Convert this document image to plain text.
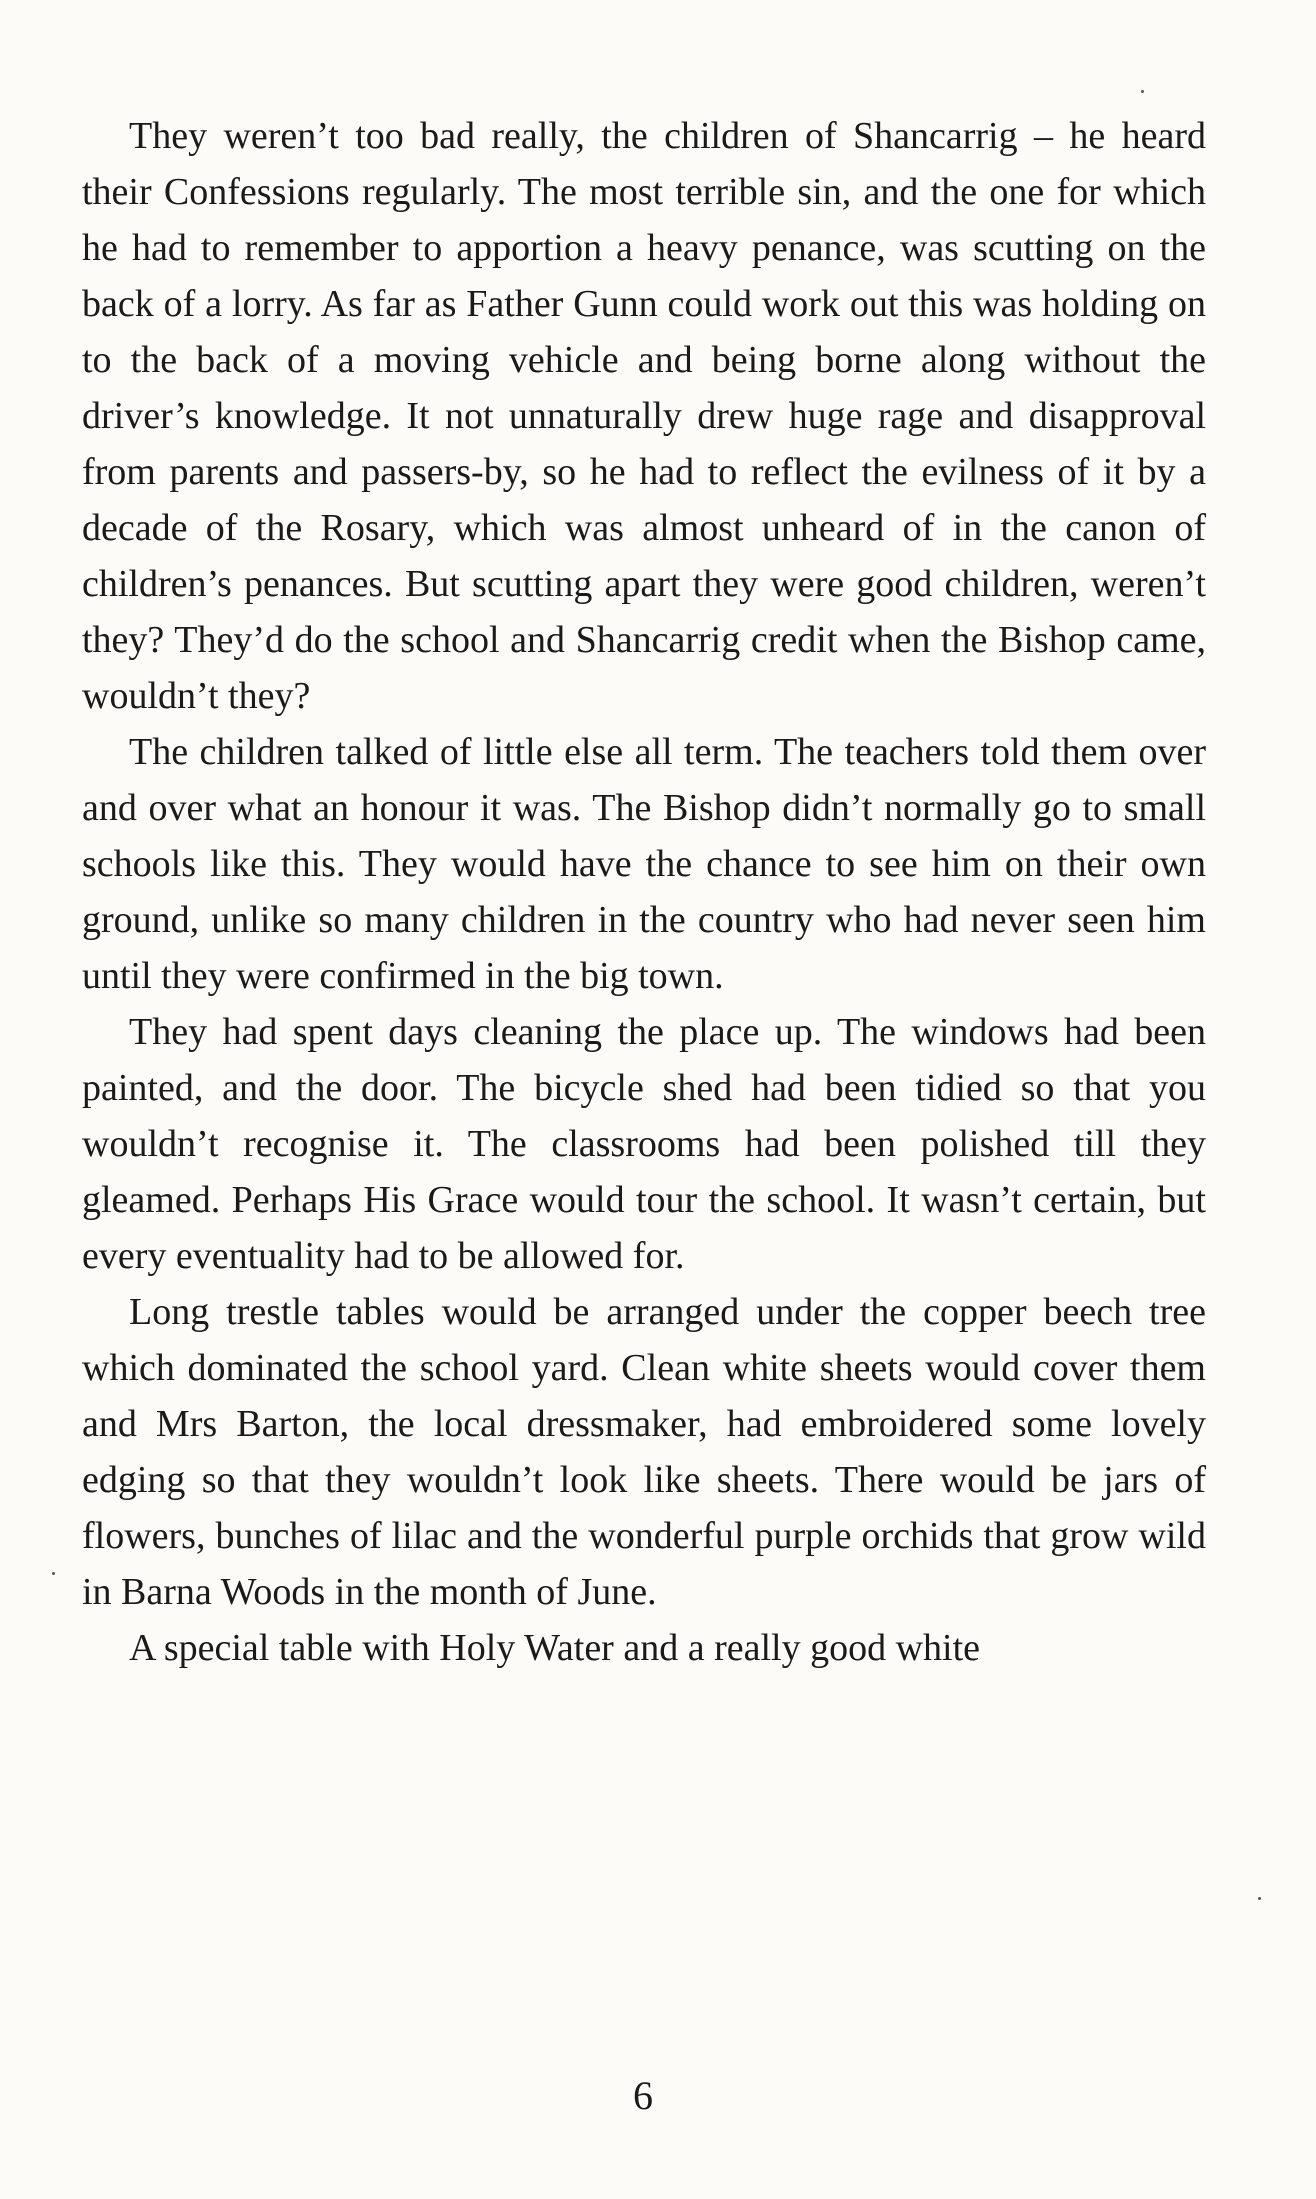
They weren’t too bad really, the children of Shancarrig – he heard their Confessions regularly. The most terrible sin, and the one for which he had to remember to apportion a heavy penance, was scutting on the back of a lorry. As far as Father Gunn could work out this was holding on to the back of a moving vehicle and being borne along without the driver’s knowledge. It not unnaturally drew huge rage and disapproval from parents and passers-by, so he had to reflect the evilness of it by a decade of the Rosary, which was almost unheard of in the canon of children’s penances. But scutting apart they were good children, weren’t they? They’d do the school and Shancarrig credit when the Bishop came, wouldn’t they?

The children talked of little else all term. The teachers told them over and over what an honour it was. The Bishop didn’t normally go to small schools like this. They would have the chance to see him on their own ground, unlike so many children in the country who had never seen him until they were confirmed in the big town.

They had spent days cleaning the place up. The windows had been painted, and the door. The bicycle shed had been tidied so that you wouldn’t recognise it. The classrooms had been polished till they gleamed. Perhaps His Grace would tour the school. It wasn’t certain, but every eventuality had to be allowed for.

Long trestle tables would be arranged under the copper beech tree which dominated the school yard. Clean white sheets would cover them and Mrs Barton, the local dressmaker, had embroidered some lovely edging so that they wouldn’t look like sheets. There would be jars of flowers, bunches of lilac and the wonderful purple orchids that grow wild in Barna Woods in the month of June.

A special table with Holy Water and a really good white

6
